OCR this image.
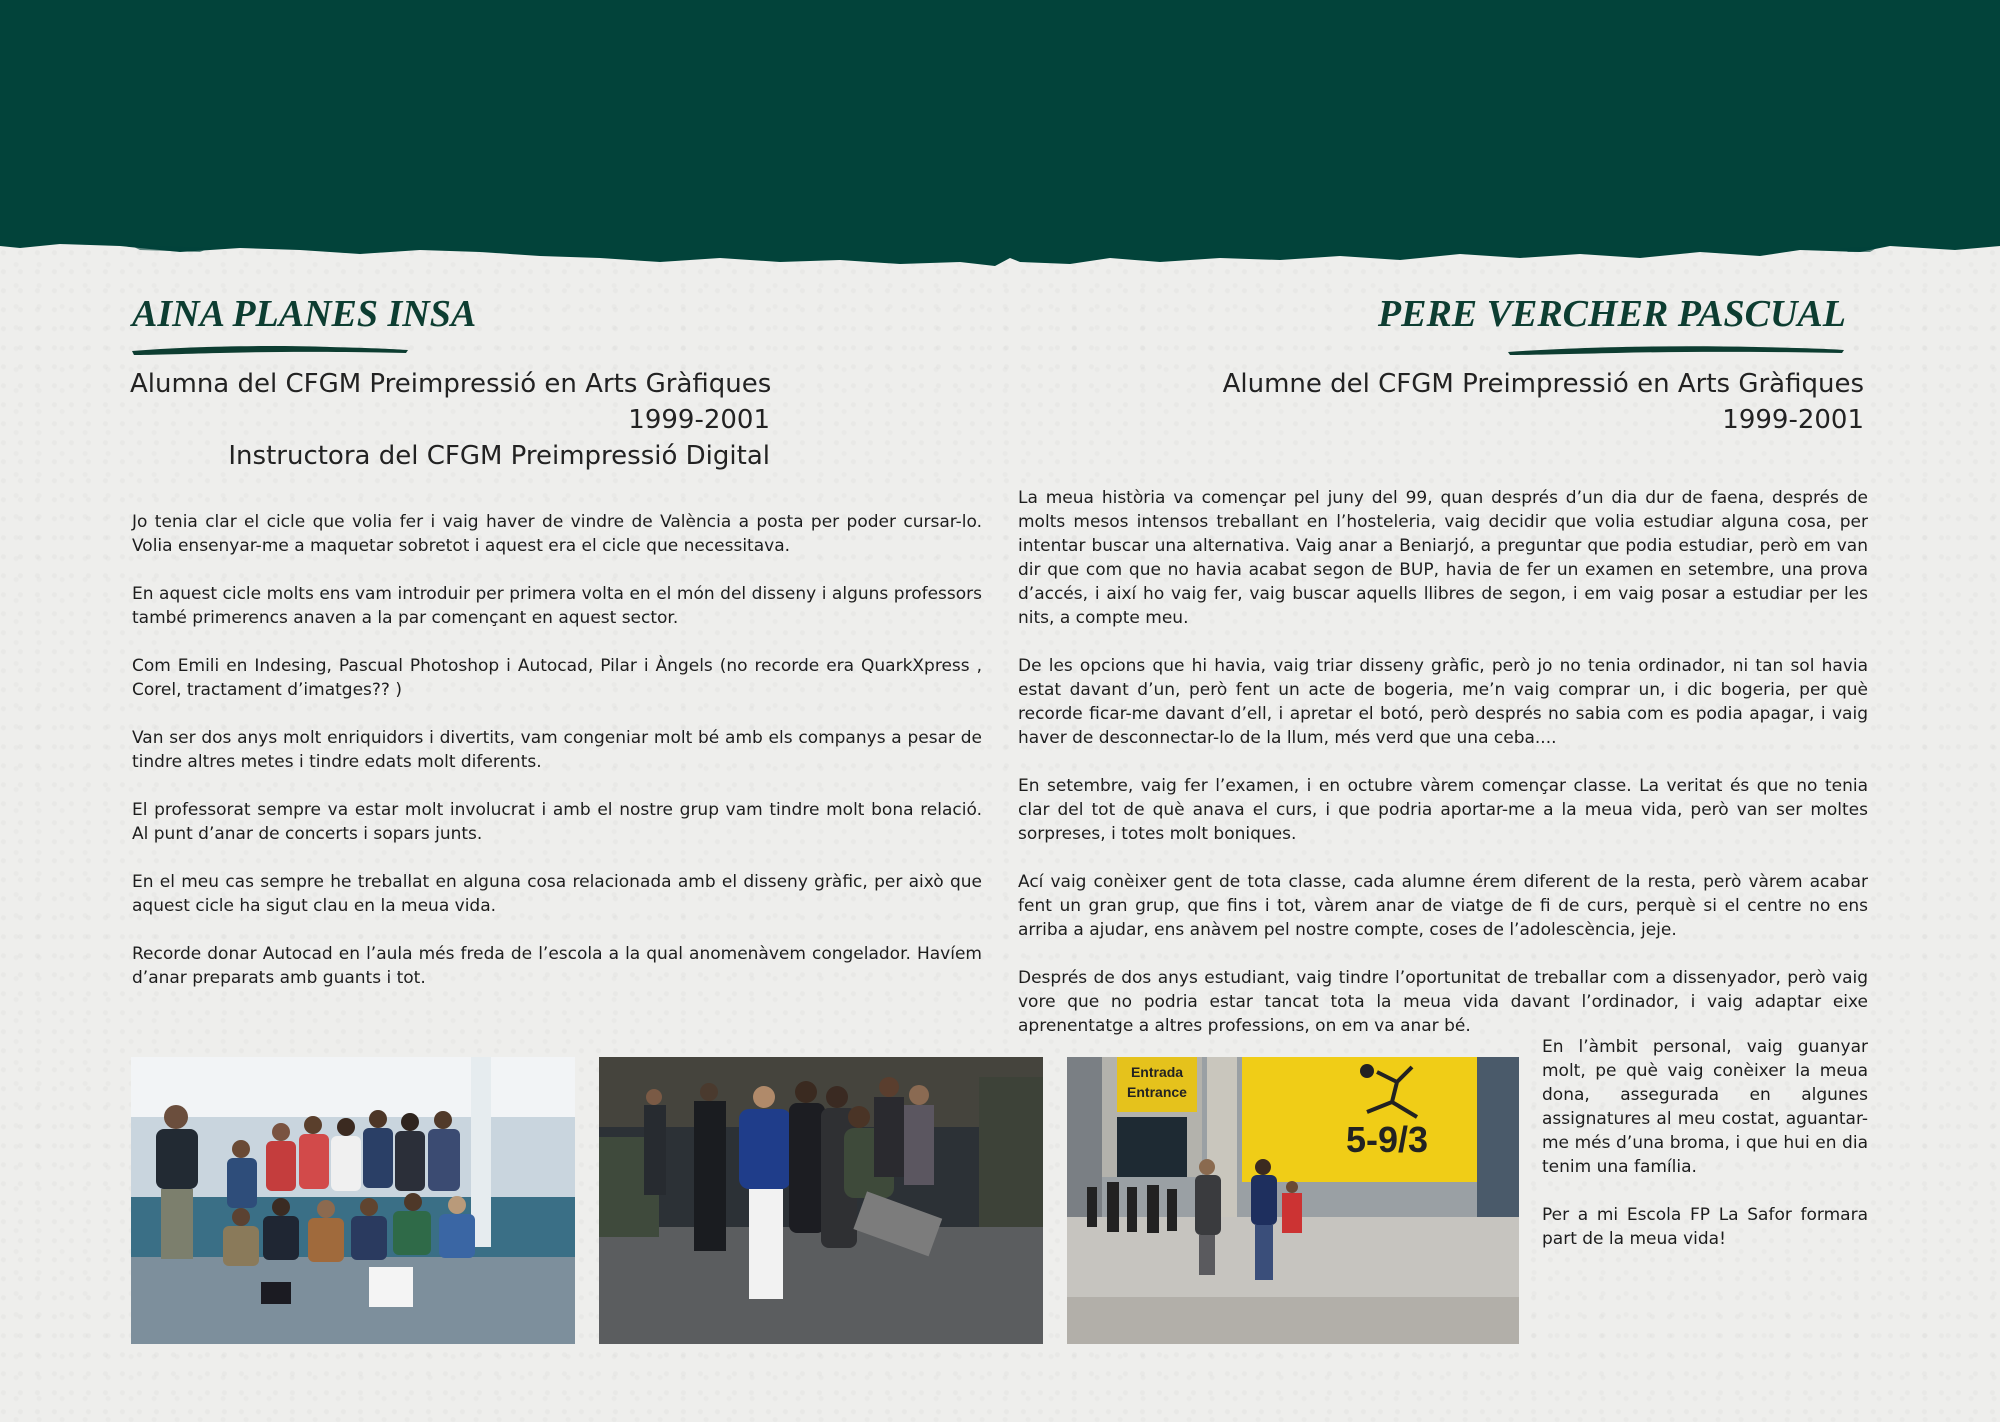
AINA PLANES INSA
Alumna del CFGM Preimpressió en Arts Gràfiques
1999-2001
Instructora del CFGM Preimpressió Digital

Jo tenia clar el cicle que volia fer i vaig haver de vindre de València a posta per poder cursar-lo. Volia ensenyar-me a maquetar sobretot i aquest era el cicle que necessitava.

En aquest cicle molts ens vam introduir per primera volta en el món del disseny i alguns professors també primerencs anaven a la par començant en aquest sector.

Com Emili en Indesing, Pascual Photoshop i Autocad, Pilar i Àngels (no recorde era QuarkXpress , Corel, tractament d’imatges?? )

Van ser dos anys molt enriquidors i divertits, vam congeniar molt bé amb els companys a pesar de tindre altres metes i tindre edats molt diferents.

El professorat sempre va estar molt involucrat i amb el nostre grup vam tindre molt bona relació. Al punt d’anar de concerts i sopars junts.

En el meu cas sempre he treballat en alguna cosa relacionada amb el disseny gràfic, per això que aquest cicle ha sigut clau en la meua vida.

Recorde donar Autocad en l’aula més freda de l’escola a la qual anomenàvem congelador. Havíem d’anar preparats amb guants i tot.

PERE VERCHER PASCUAL
Alumne del CFGM Preimpressió en Arts Gràfiques
1999-2001

La meua història va començar pel juny del 99, quan després d’un dia dur de faena, després de molts mesos intensos treballant en l’hosteleria, vaig decidir que volia estudiar alguna cosa, per intentar buscar una alternativa. Vaig anar a Beniarjó, a preguntar que podia estudiar, però em van dir que com que no havia acabat segon de BUP, havia de fer un examen en setembre, una prova d’accés, i així ho vaig fer, vaig buscar aquells llibres de segon, i em vaig posar a estudiar per les nits, a compte meu.

De les opcions que hi havia, vaig triar disseny gràfic, però jo no tenia ordinador, ni tan sol havia estat davant d’un, però fent un acte de bogeria, me’n vaig comprar un, i dic bogeria, per què recorde ficar-me davant d’ell, i apretar el botó, però després no sabia com es podia apagar, i vaig haver de desconnectar-lo de la llum, més verd que una ceba....

En setembre, vaig fer l’examen, i en octubre vàrem començar classe. La veritat és que no tenia clar del tot de què anava el curs, i que podria aportar-me a la meua vida, però van ser moltes sorpreses, i totes molt boniques.

Ací vaig conèixer gent de tota classe, cada alumne érem diferent de la resta, però vàrem acabar fent un gran grup, que fins i tot, vàrem anar de viatge de fi de curs, perquè si el centre no ens arriba a ajudar, ens anàvem pel nostre compte, coses de l’adolescència, jeje.

Després de dos anys estudiant, vaig tindre l’oportunitat de treballar com a dissenyador, però vaig vore que no podria estar tancat tota la meua vida davant l’ordinador, i vaig adaptar eixe aprenentatge a altres professions, on em va anar bé.

En l’àmbit personal, vaig guanyar molt, pe què vaig conèixer la meua dona, assegurada en algunes assignatures al meu costat, aguantar-me més d’una broma, i que hui en dia tenim una família.

Per a mi Escola FP La Safor formara part de la meua vida!

Entrada
Entrance
5-9/3
